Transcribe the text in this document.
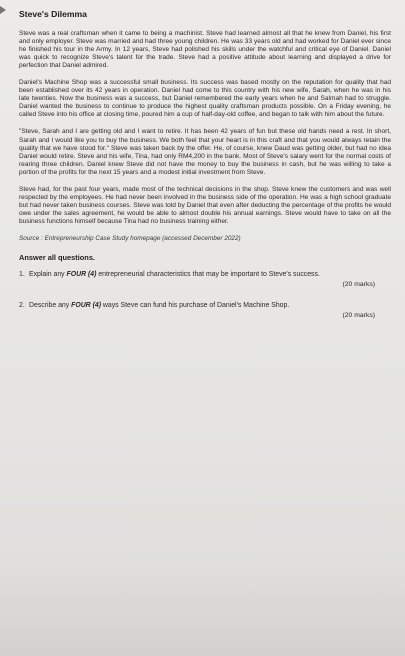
Steve's Dilemma

Steve was a real craftsman when it came to being a machinist. Steve had learned almost all that he knew from Daniel, his first and only employer. Steve was married and had three young children. He was 33 years old and had worked for Daniel ever since he finished his tour in the Army. In 12 years, Steve had polished his skills under the watchful and critical eye of Daniel. Daniel was quick to recognize Steve's talent for the trade. Steve had a positive attitude about learning and displayed a drive for perfection that Daniel admired.

Daniel's Machine Shop was a successful small business. Its success was based mostly on the reputation for quality that had been established over its 42 years in operation. Daniel had come to this country with his new wife, Sarah, when he was in his late twenties. Now the business was a success, but Daniel remembered the early years when he and Salmah had to struggle. Daniel wanted the business to continue to produce the highest quality craftsman products possible. On a Friday evening, he called Steve into his office at closing time, poured him a cup of half-day-old coffee, and began to talk with him about the future.

"Steve, Sarah and I are getting old and I want to retire. It has been 42 years of fun but these old hands need a rest. In short, Sarah and I would like you to buy the business. We both feel that your heart is in this craft and that you would always retain the quality that we have stood for." Steve was taken back by the offer. He, of course, knew Daud was getting older, but had no idea Daniel would retire. Steve and his wife, Tina, had only RM4,200 in the bank. Most of Steve's salary went for the normal costs of rearing three children. Daniel knew Steve did not have the money to buy the business in cash, but he was willing to take a portion of the profits for the next 15 years and a modest initial investment from Steve.

Steve had, for the past four years, made most of the technical decisions in the shop. Steve knew the customers and was well respected by the employees. He had never been involved in the business side of the operation. He was a high school graduate but had never taken business courses. Steve was told by Daniel that even after deducting the percentage of the profits he would owe under the sales agreement, he would be able to almost double his annual earnings. Steve would have to take on all the business functions himself because Tina had no business training either.

Source : Entrepreneurship Case Study homepage (accessed December 2022)
Answer all questions.
1. Explain any FOUR (4) entrepreneurial characteristics that may be important to Steve's success.
(20 marks)
2. Describe any FOUR (4) ways Steve can fund his purchase of Daniel's Machine Shop.
(20 marks)
